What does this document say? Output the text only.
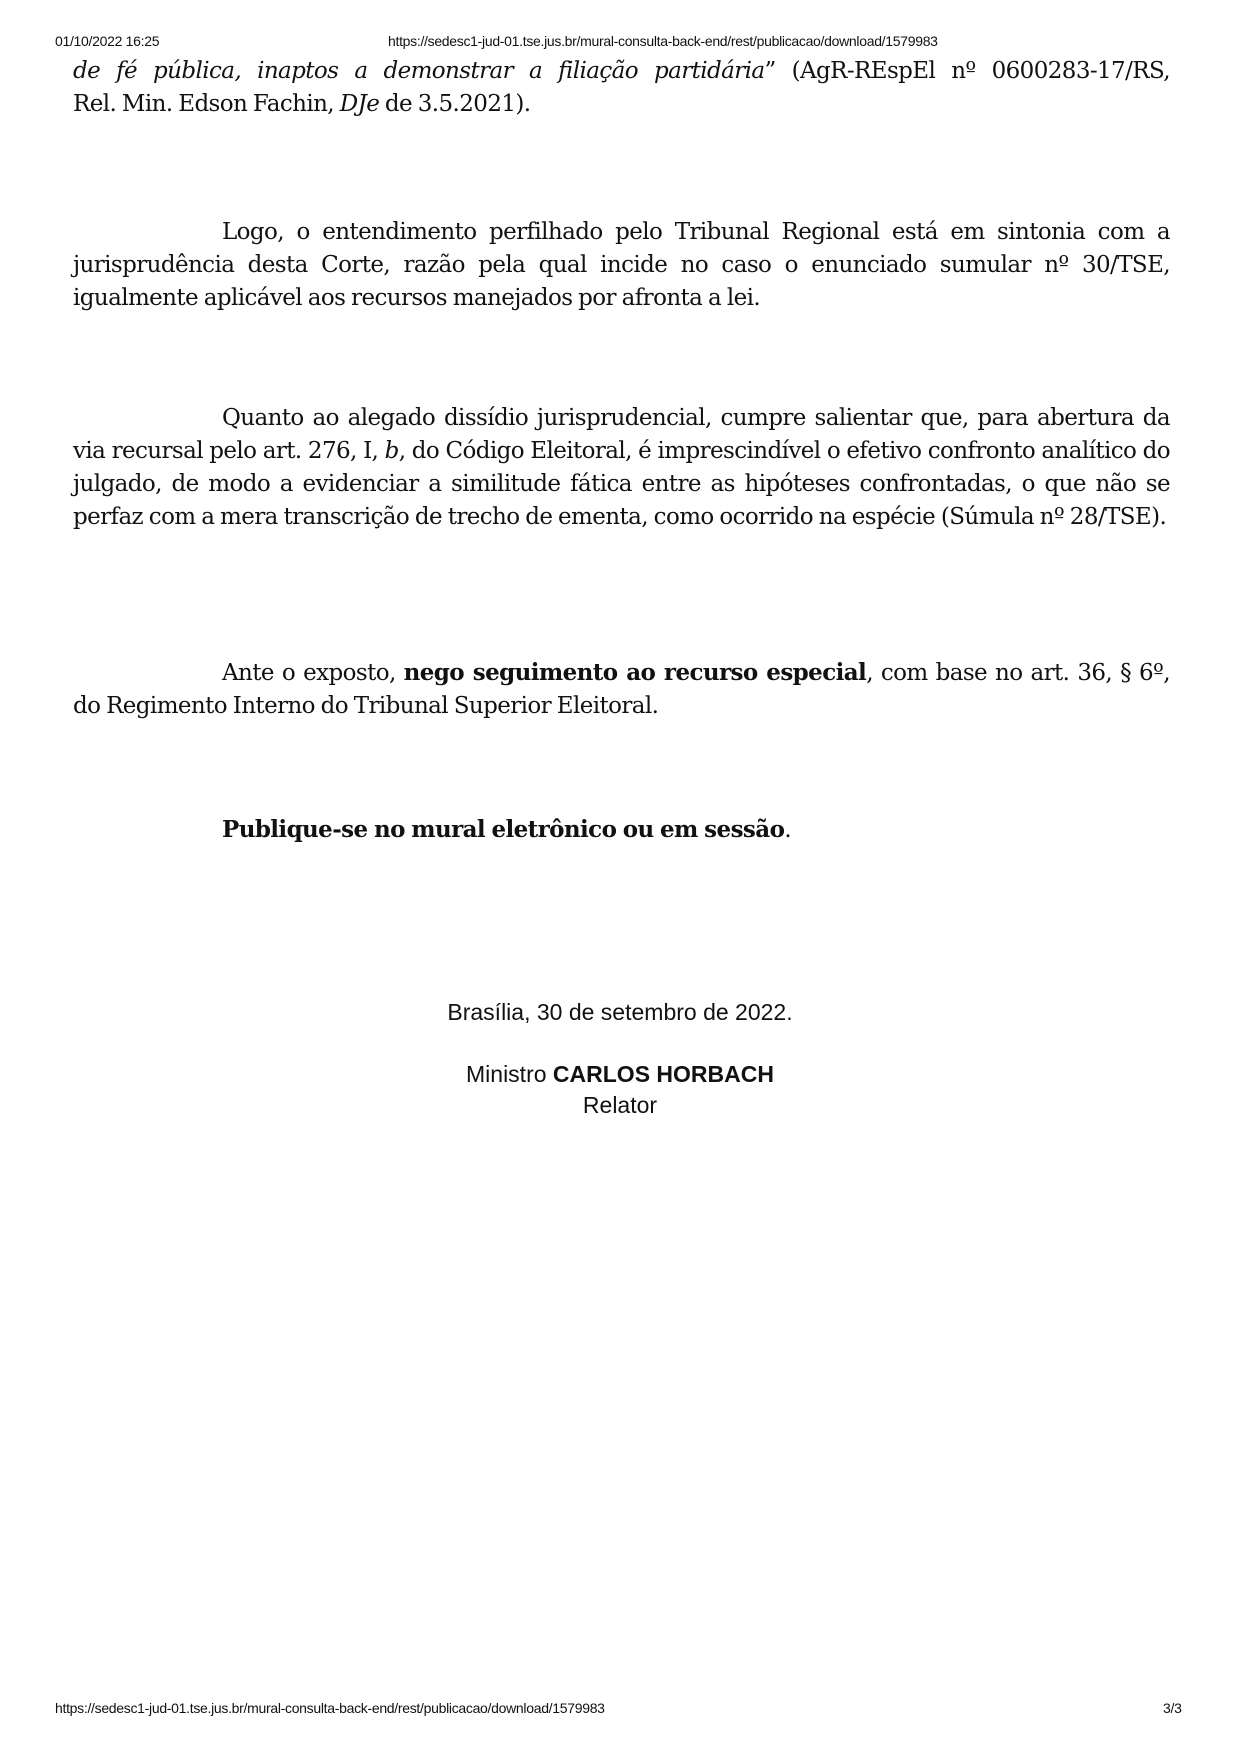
01/10/2022 16:25	https://sedesc1-jud-01.tse.jus.br/mural-consulta-back-end/rest/publicacao/download/1579983
de fé pública, inaptos a demonstrar a filiação partidária” (AgR-REspEl nº 0600283-17/RS,
Rel. Min. Edson Fachin, DJe de 3.5.2021).
Logo, o entendimento perfilhado pelo Tribunal Regional está em sintonia com a jurisprudência desta Corte, razão pela qual incide no caso o enunciado sumular nº 30/TSE, igualmente aplicável aos recursos manejados por afronta a lei.
Quanto ao alegado dissídio jurisprudencial, cumpre salientar que, para abertura da via recursal pelo art. 276, I, b, do Código Eleitoral, é imprescindível o efetivo confronto analítico do julgado, de modo a evidenciar a similitude fática entre as hipóteses confrontadas, o que não se perfaz com a mera transcrição de trecho de ementa, como ocorrido na espécie (Súmula nº 28/TSE).
Ante o exposto, nego seguimento ao recurso especial, com base no art. 36, § 6º, do Regimento Interno do Tribunal Superior Eleitoral.
Publique-se no mural eletrônico ou em sessão.
Brasília, 30 de setembro de 2022.
Ministro CARLOS HORBACH
Relator
https://sedesc1-jud-01.tse.jus.br/mural-consulta-back-end/rest/publicacao/download/1579983	3/3
